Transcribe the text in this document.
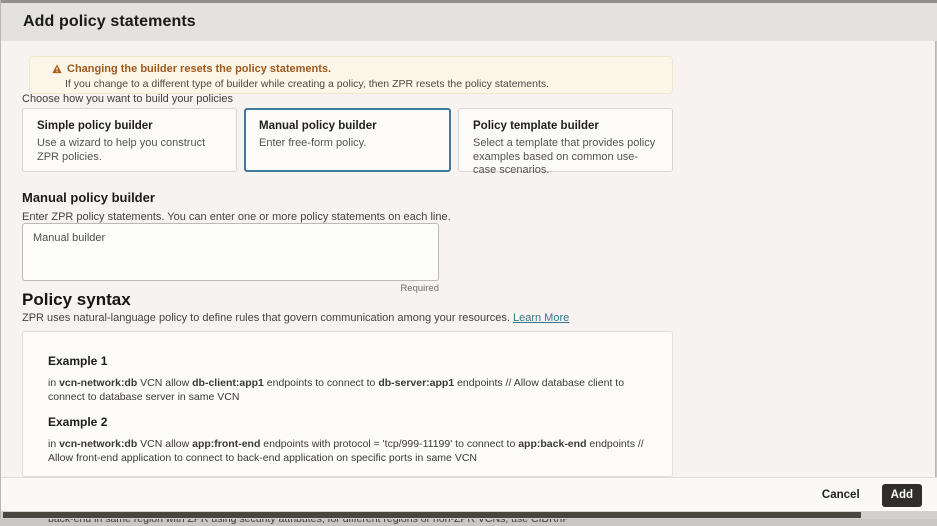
Add policy statements
Changing the builder resets the policy statements.
If you change to a different type of builder while creating a policy, then ZPR resets the policy statements.
Choose how you want to build your policies
Simple policy builder
Use a wizard to help you construct ZPR policies.
Manual policy builder
Enter free-form policy.
Policy template builder
Select a template that provides policy examples based on common use-case scenarios.
Manual policy builder
Enter ZPR policy statements. You can enter one or more policy statements on each line.
Manual builder
Required
Policy syntax
ZPR uses natural-language policy to define rules that govern communication among your resources. Learn More
Example 1

in vcn-network:db VCN allow db-client:app1 endpoints to connect to db-server:app1 endpoints // Allow database client to connect to database server in same VCN

Example 2

in vcn-network:db VCN allow app:front-end endpoints with protocol = 'tcp/999-11199' to connect to app:back-end endpoints // Allow front-end application to connect to back-end application on specific ports in same VCN

Cancel	Add
